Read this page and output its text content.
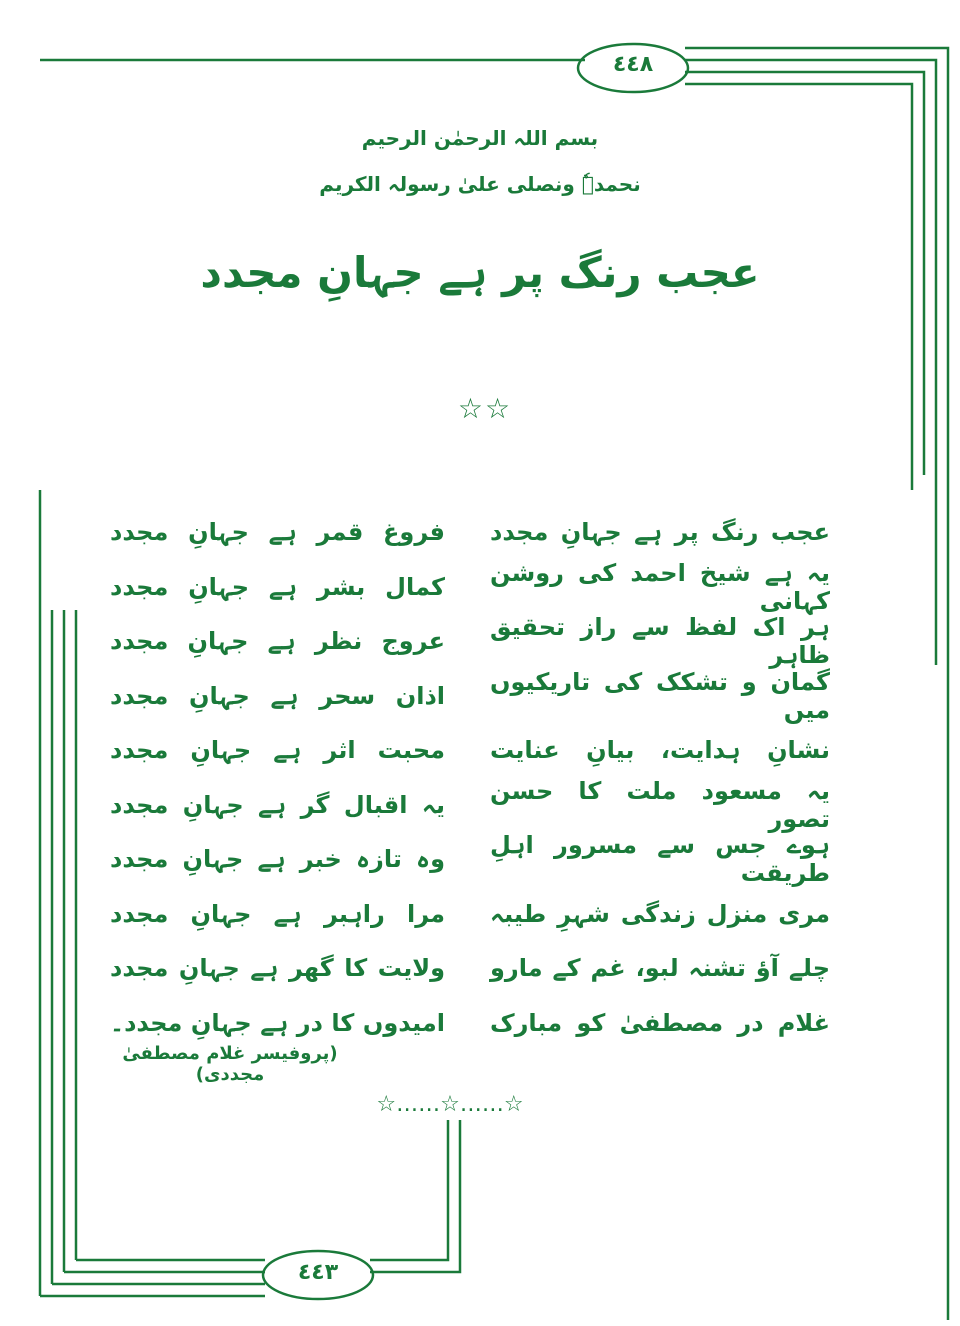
٤٤٨
٤٤٣
بسم اللہ الرحمٰن الرحیم
نحمدہٗ ونصلی علیٰ رسولہ الکریم
عجب رنگ پر ہے جہانِ مجدد
☆☆
عجب رنگ پر ہے جہانِ مجدد
فروغ قمر ہے جہانِ مجدد
یہ ہے شیخ احمد کی روشن کہانی
کمال بشر ہے جہانِ مجدد
ہر اک لفظ سے راز تحقیق ظاہر
عروج نظر ہے جہانِ مجدد
گمان و تشکک کی تاریکیوں میں
اذان سحر ہے جہانِ مجدد
نشانِ ہدایت، بیانِ عنایت
محبت اثر ہے جہانِ مجدد
یہ مسعود ملت کا حسن تصور
یہ اقبال گر ہے جہانِ مجدد
ہوے جس سے مسرور اہلِ طریقت
وہ تازہ خبر ہے جہانِ مجدد
مری منزل زندگی شہرِ طیبہ
مرا راہبر ہے جہانِ مجدد
چلے آؤ تشنہ لبو، غم کے مارو
ولایت کا گھر ہے جہانِ مجدد
غلام در مصطفیٰ کو مبارک
امیدوں کا در ہے جہانِ مجدد۔
(پروفیسر غلام مصطفیٰ مجددی)
☆……☆……☆
